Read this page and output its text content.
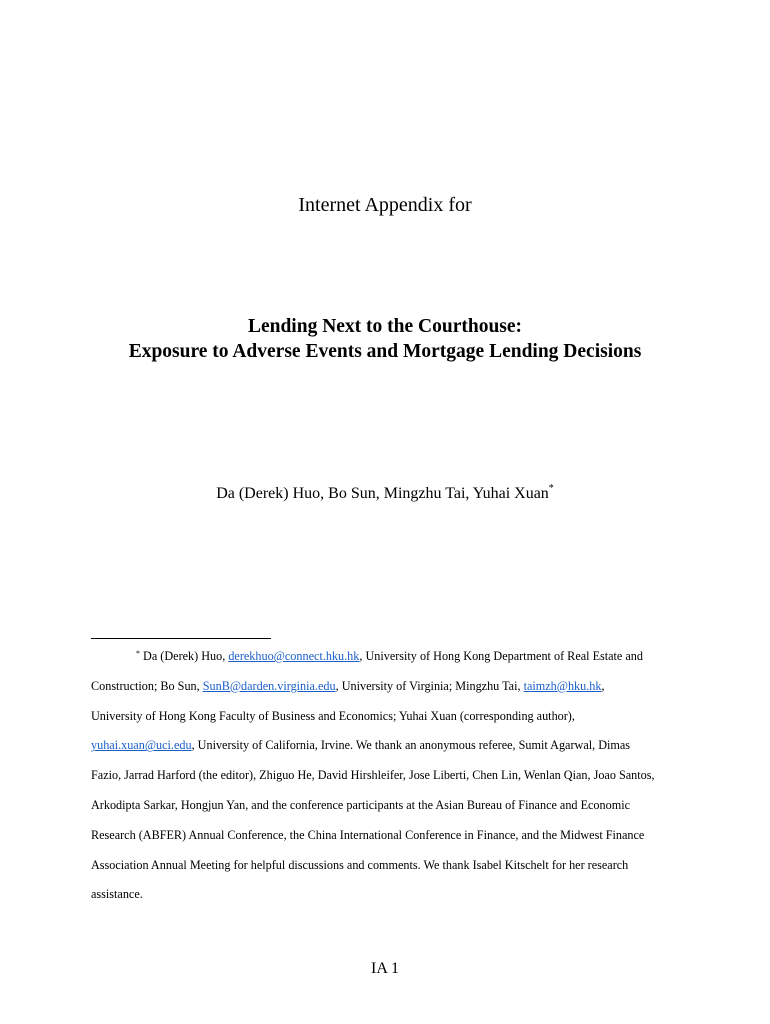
Internet Appendix for
Lending Next to the Courthouse:
Exposure to Adverse Events and Mortgage Lending Decisions
Da (Derek) Huo, Bo Sun, Mingzhu Tai, Yuhai Xuan*
* Da (Derek) Huo, derekhuo@connect.hku.hk, University of Hong Kong Department of Real Estate and
Construction; Bo Sun, SunB@darden.virginia.edu, University of Virginia; Mingzhu Tai, taimzh@hku.hk,
University of Hong Kong Faculty of Business and Economics; Yuhai Xuan (corresponding author),
yuhai.xuan@uci.edu, University of California, Irvine. We thank an anonymous referee, Sumit Agarwal, Dimas
Fazio, Jarrad Harford (the editor), Zhiguo He, David Hirshleifer, Jose Liberti, Chen Lin, Wenlan Qian, Joao Santos,
Arkodipta Sarkar, Hongjun Yan, and the conference participants at the Asian Bureau of Finance and Economic
Research (ABFER) Annual Conference, the China International Conference in Finance, and the Midwest Finance
Association Annual Meeting for helpful discussions and comments. We thank Isabel Kitschelt for her research
assistance.
IA 1
